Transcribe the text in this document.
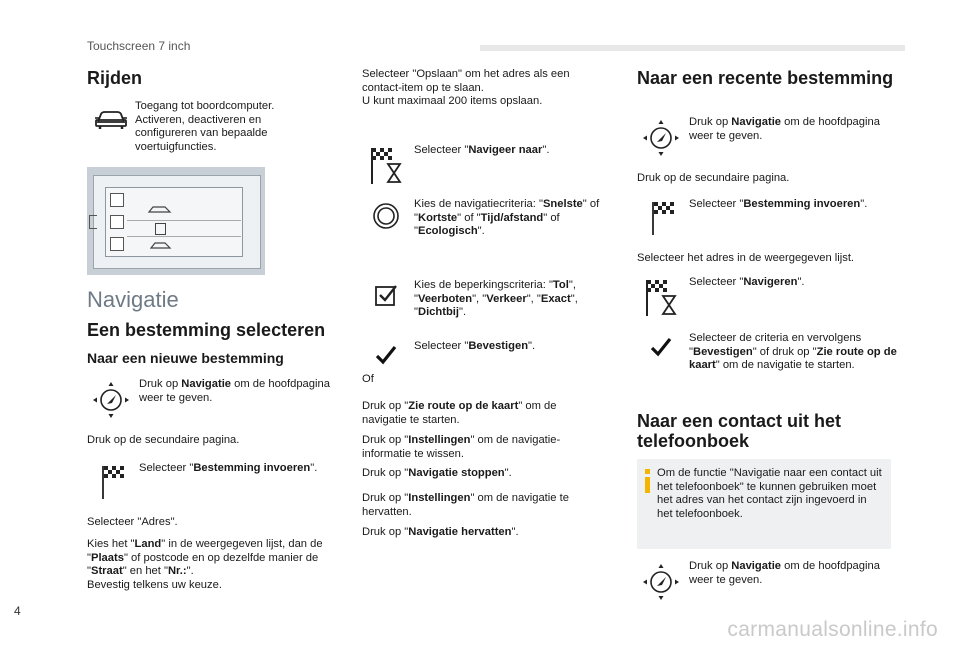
Touchscreen 7 inch
Rijden
Toegang tot boordcomputer. Activeren, deactiveren en configureren van bepaalde voertuigfuncties.
Navigatie
Een bestemming selecteren
Naar een nieuwe bestemming
Druk op Navigatie om de hoofdpagina weer te geven.
Druk op de secundaire pagina.
Selecteer "Bestemming invoeren".
Selecteer "Adres".
Kies het "Land" in de weergegeven lijst, dan de "Plaats" of postcode en op dezelfde manier de "Straat" en het "Nr.:".
Bevestig telkens uw keuze.

Selecteer "Opslaan" om het adres als een contact-item op te slaan.

U kunt maximaal 200 items opslaan.

Selecteer "Navigeer naar".
Kies de navigatiecriteria: "Snelste" of "Kortste" of "Tijd/afstand" of "Ecologisch".
Kies de beperkingscriteria: "Tol", "Veerboten", "Verkeer", "Exact", "Dichtbij".
Selecteer "Bevestigen".
Of
Druk op "Zie route op de kaart" om de navigatie te starten.
Druk op "Instellingen" om de navigatie-informatie te wissen.
Druk op "Navigatie stoppen".
Druk op "Instellingen" om de navigatie te hervatten.
Druk op "Navigatie hervatten".
Naar een recente bestemming
Druk op Navigatie om de hoofdpagina weer te geven.
Druk op de secundaire pagina.
Selecteer "Bestemming invoeren".
Selecteer het adres in de weergegeven lijst.
Selecteer "Navigeren".
Selecteer de criteria en vervolgens "Bevestigen" of druk op "Zie route op de kaart" om de navigatie te starten.
Naar een contact uit het telefoonboek
Om de functie "Navigatie naar een contact uit het telefoonboek" te kunnen gebruiken moet het adres van het contact zijn ingevoerd in het telefoonboek.
Druk op Navigatie om de hoofdpagina weer te geven.
4
carmanualsonline.info
